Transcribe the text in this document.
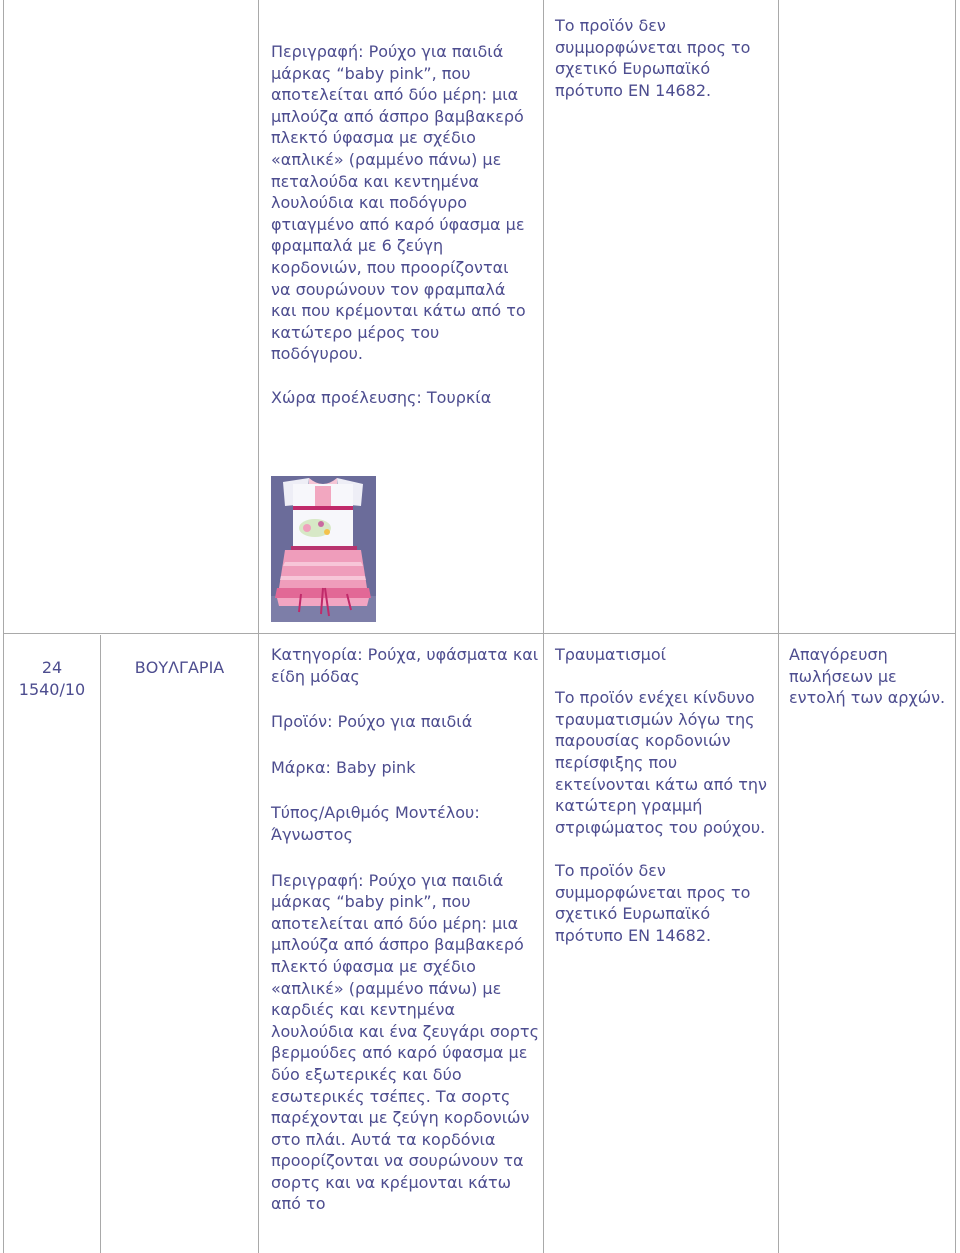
Περιγραφή: Ρούχο για παιδιά μάρκας “baby pink”, που αποτελείται από δύο μέρη: μια μπλούζα από άσπρο βαμβακερό πλεκτό ύφασμα με σχέδιο «απλικέ» (ραμμένο πάνω) με πεταλούδα και κεντημένα λουλούδια και ποδόγυρο φτιαγμένο από καρό ύφασμα με φραμπαλά με 6 ζεύγη κορδονιών, που προορίζονται να σουρώνουν τον φραμπαλά και που κρέμονται κάτω από το κατώτερο μέρος του ποδόγυρου.

Χώρα προέλευσης: Τουρκία

Το προϊόν δεν συμμορφώνεται προς το σχετικό Ευρωπαϊκό πρότυπο EN 14682.

24

1540/10

ΒΟΥΛΓΑΡΙΑ

Κατηγορία: Ρούχα, υφάσματα και είδη μόδας

Προϊόν: Ρούχο για παιδιά

Μάρκα: Baby pink

Τύπος/Αριθμός Μοντέλου: Άγνωστος

Περιγραφή: Ρούχο για παιδιά μάρκας “baby pink”, που αποτελείται από δύο μέρη: μια μπλούζα από άσπρο βαμβακερό πλεκτό ύφασμα με σχέδιο «απλικέ» (ραμμένο πάνω) με καρδιές και κεντημένα λουλούδια και ένα ζευγάρι σορτς βερμούδες από καρό ύφασμα με δύο εξωτερικές και δύο εσωτερικές τσέπες. Τα σορτς παρέχονται με ζεύγη κορδονιών στο πλάι. Αυτά τα κορδόνια προορίζονται να σουρώνουν τα σορτς και να κρέμονται κάτω από το

Τραυματισμοί

Το προϊόν ενέχει κίνδυνο τραυματισμών λόγω της παρουσίας κορδονιών περίσφιξης που εκτείνονται κάτω από την κατώτερη γραμμή στριφώματος του ρούχου.

Το προϊόν δεν συμμορφώνεται προς το σχετικό Ευρωπαϊκό πρότυπο EN 14682.

Απαγόρευση πωλήσεων με εντολή των αρχών.
